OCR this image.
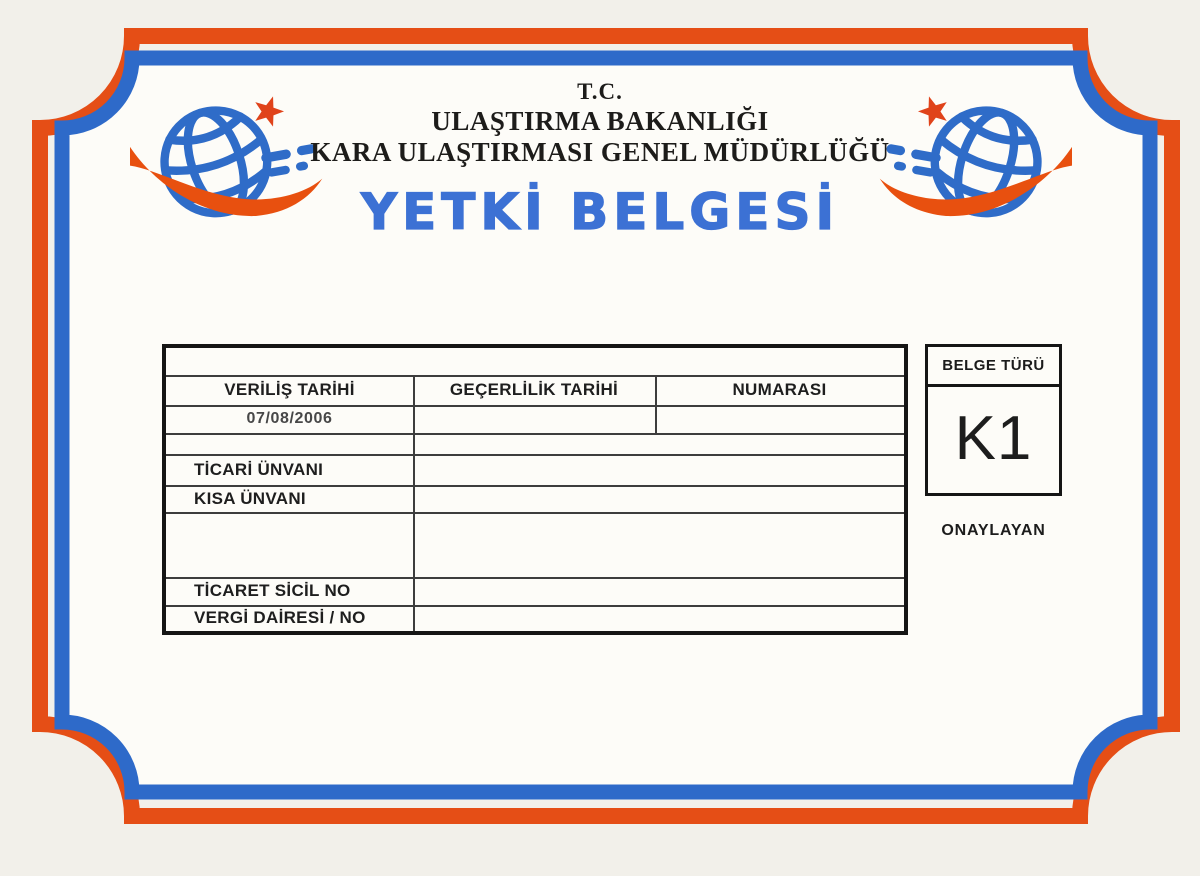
T.C.
ULAŞTIRMA BAKANLIĞI
KARA ULAŞTIRMASI GENEL MÜDÜRLÜĞÜ
YETKİ BELGESİ
VERİLİŞ TARİHİ	GEÇERLİLİK TARİHİ	NUMARASI
07/08/2006
TİCARİ ÜNVANI
KISA ÜNVANI
TİCARET SİCİL NO
VERGİ DAİRESİ / NO
BELGE TÜRÜ
K1
ONAYLAYAN
